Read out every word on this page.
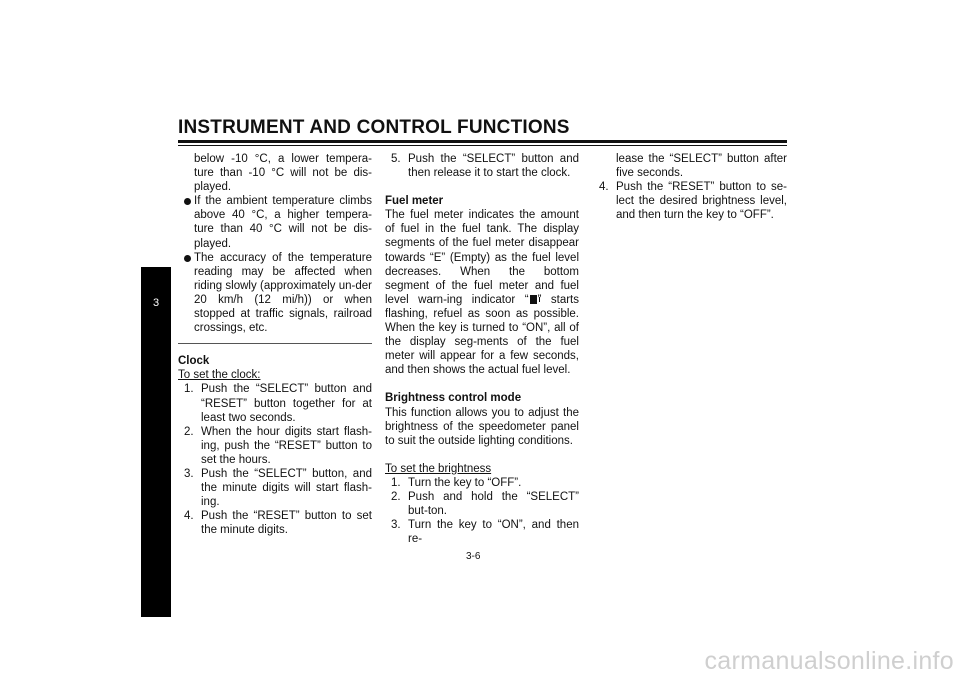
INSTRUMENT AND CONTROL FUNCTIONS
3

below -10 °C, a lower tempera-ture than -10 °C will not be dis-played.

If the ambient temperature climbs above 40 °C, a higher tempera-ture than 40 °C will not be dis-played.
The accuracy of the temperature reading may be affected when riding slowly (approximately un-der 20 km/h (12 mi/h)) or when stopped at traffic signals, railroad crossings, etc.

Clock

To set the clock:

1. Push the “SELECT” button and “RESET” button together for at least two seconds.
2. When the hour digits start flash-ing, push the “RESET” button to set the hours.
3. Push the “SELECT” button, and the minute digits will start flash-ing.
4. Push the “RESET” button to set the minute digits.
5. Push the “SELECT” button and then release it to start the clock.

Fuel meter

The fuel meter indicates the amount of fuel in the fuel tank. The display segments of the fuel meter disappear towards “E” (Empty) as the fuel level decreases. When the bottom segment of the fuel meter and fuel level warn-ing indicator “ ” starts flashing, refuel as soon as possible. When the key is turned to “ON”, all of the display seg-ments of the fuel meter will appear for a few seconds, and then shows the actual fuel level.

Brightness control mode

This function allows you to adjust the brightness of the speedometer panel to suit the outside lighting conditions.

To set the brightness

1. Turn the key to “OFF”.
2. Push and hold the “SELECT” but-ton.
3. Turn the key to “ON”, and then re-
lease the “SELECT” button after five seconds.
4. Push the “RESET” button to se-lect the desired brightness level, and then turn the key to “OFF”.
3-6
carmanualsonline.info
